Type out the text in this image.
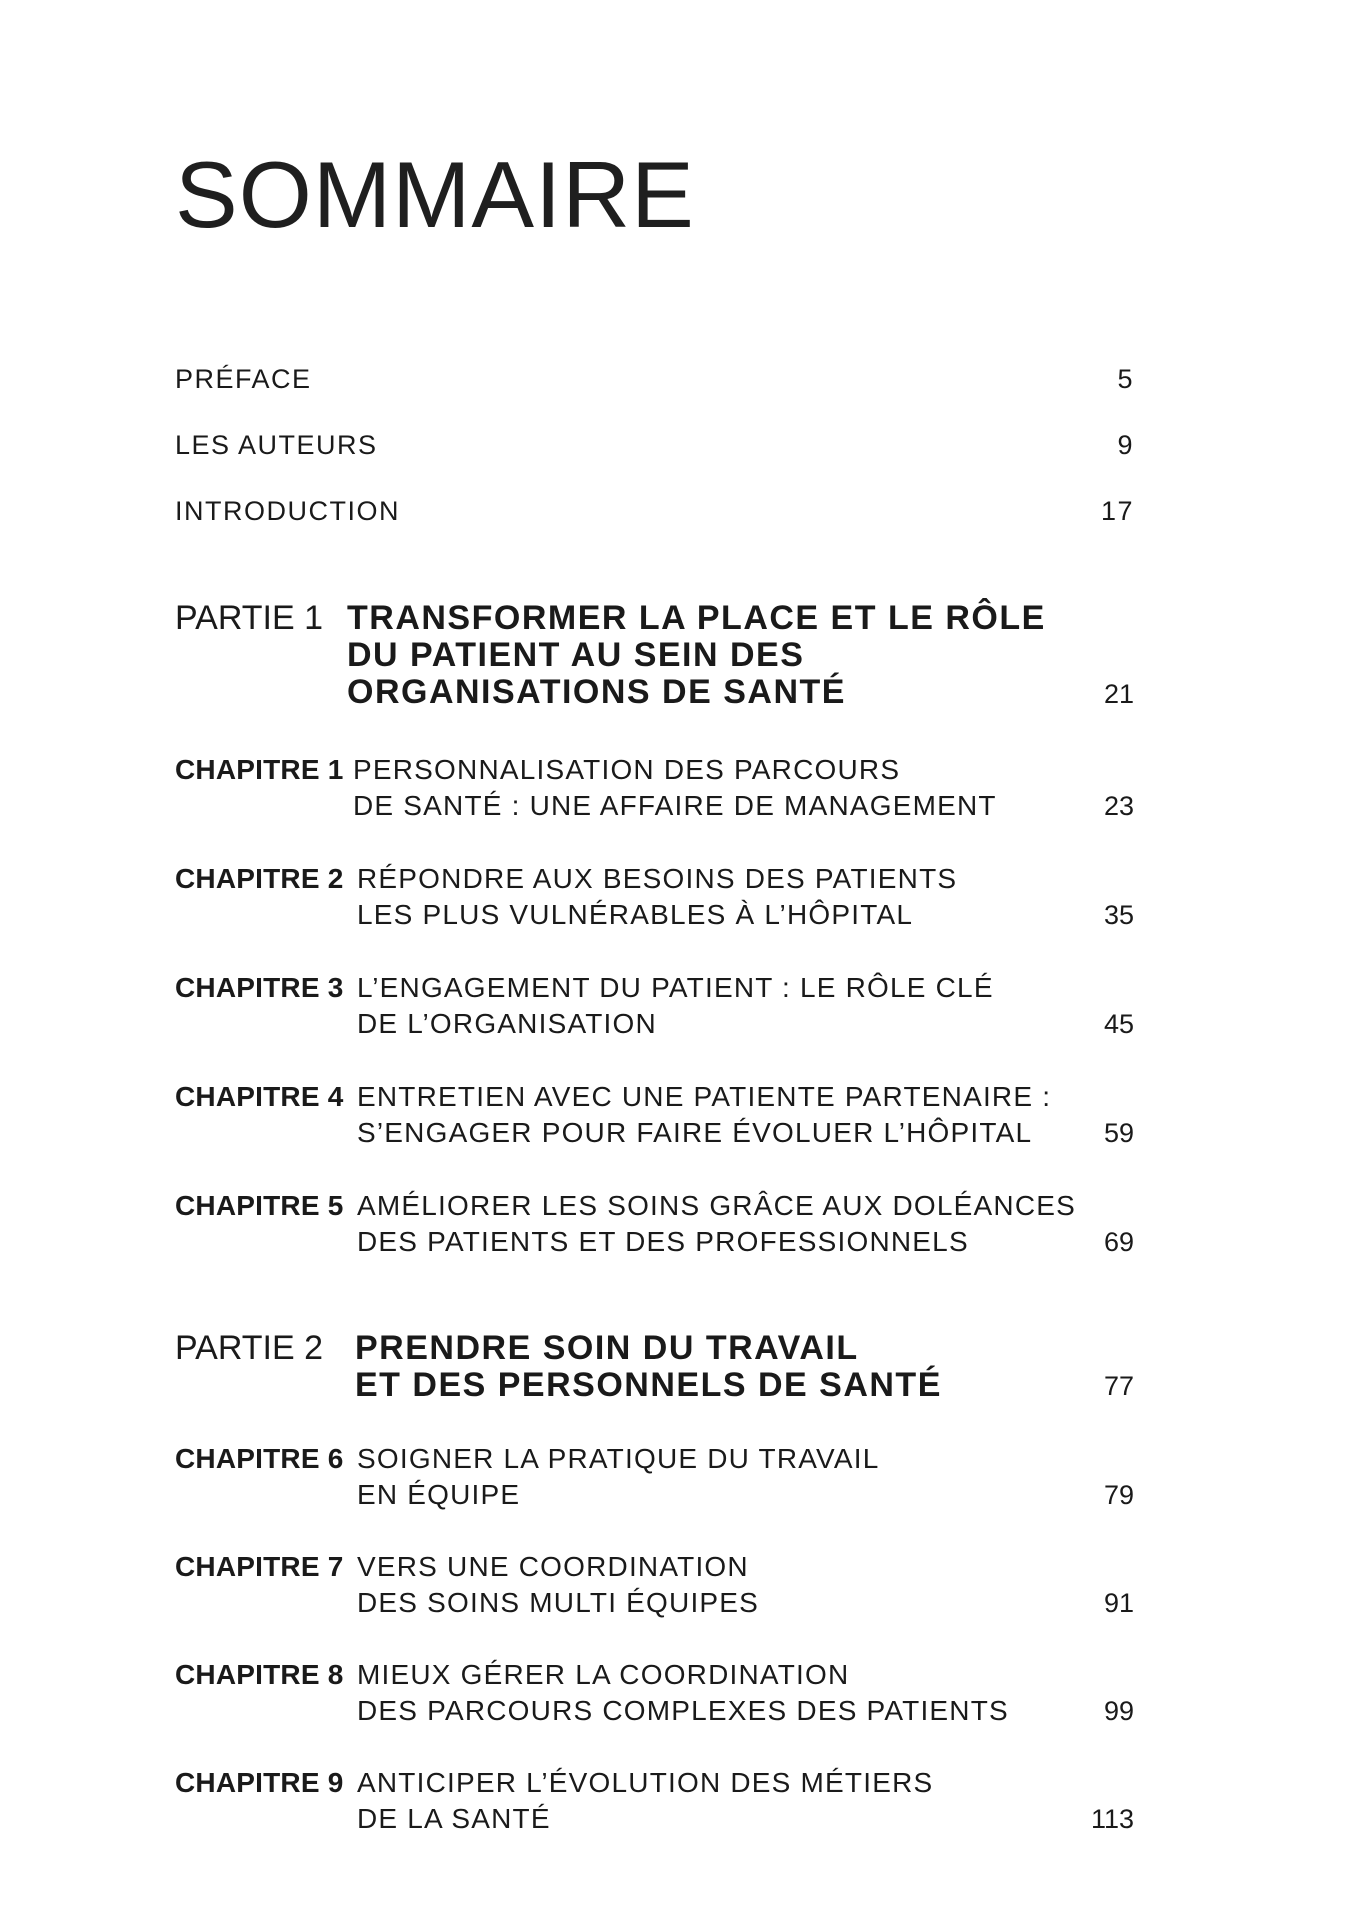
SOMMAIRE
PRÉFACE	5
LES AUTEURS	9
INTRODUCTION	17
PARTIE 1 TRANSFORMER LA PLACE ET LE RÔLE
DU PATIENT AU SEIN DES
ORGANISATIONS DE SANTÉ	21
CHAPITRE 1 PERSONNALISATION DES PARCOURS
DE SANTÉ : UNE AFFAIRE DE MANAGEMENT	23
CHAPITRE 2 RÉPONDRE AUX BESOINS DES PATIENTS
LES PLUS VULNÉRABLES À L’HÔPITAL	35
CHAPITRE 3 L’ENGAGEMENT DU PATIENT : LE RÔLE CLÉ
DE L’ORGANISATION	45
CHAPITRE 4 ENTRETIEN AVEC UNE PATIENTE PARTENAIRE :
S’ENGAGER POUR FAIRE ÉVOLUER L’HÔPITAL	59
CHAPITRE 5 AMÉLIORER LES SOINS GRÂCE AUX DOLÉANCES
DES PATIENTS ET DES PROFESSIONNELS	69
PARTIE 2 PRENDRE SOIN DU TRAVAIL
ET DES PERSONNELS DE SANTÉ	77
CHAPITRE 6 SOIGNER LA PRATIQUE DU TRAVAIL
EN ÉQUIPE	79
CHAPITRE 7 VERS UNE COORDINATION
DES SOINS MULTI ÉQUIPES	91
CHAPITRE 8 MIEUX GÉRER LA COORDINATION
DES PARCOURS COMPLEXES DES PATIENTS	99
CHAPITRE 9 ANTICIPER L’ÉVOLUTION DES MÉTIERS
DE LA SANTÉ	113
